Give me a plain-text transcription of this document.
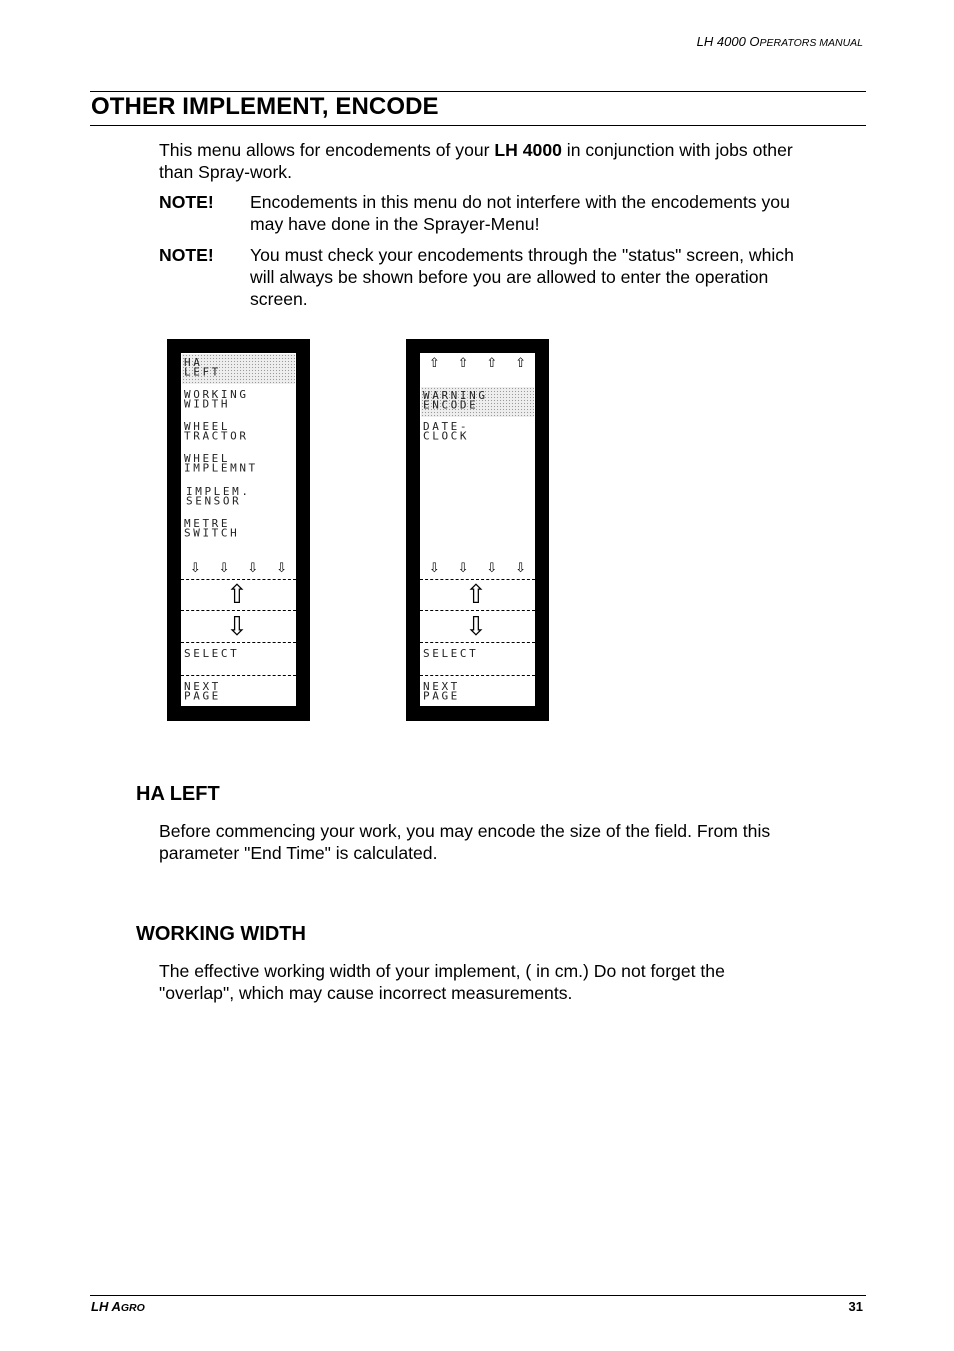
LH 4000 OPERATORS MANUAL
OTHER IMPLEMENT, ENCODE
This menu allows for encodements of your LH 4000 in conjunction with jobs other
than Spray-work.
NOTE! Encodements in this menu do not interfere with the encodements you
may have done in the Sprayer-Menu!
NOTE! You must check your encodements through the "status" screen, which
will always be shown before you are allowed to enter the operation
screen.
HA
LEFT
WORKING
WIDTH
WHEEL
TRACTOR
WHEEL
IMPLEMNT
IMPLEM.
SENSOR
METRE
SWITCH
⇩ ⇩ ⇩ ⇩
⇧
⇩
SELECT
NEXT
PAGE
⇧ ⇧ ⇧ ⇧
WARNING
ENCODE
DATE-
CLOCK
⇩ ⇩ ⇩ ⇩
⇧
⇩
SELECT
NEXT
PAGE
HA LEFT
Before commencing your work, you may encode the size of the field. From this
parameter "End Time" is calculated.
WORKING WIDTH
The effective working width of your implement, ( in cm.) Do not forget the
"overlap", which may cause incorrect measurements.
LH AGRO	31
